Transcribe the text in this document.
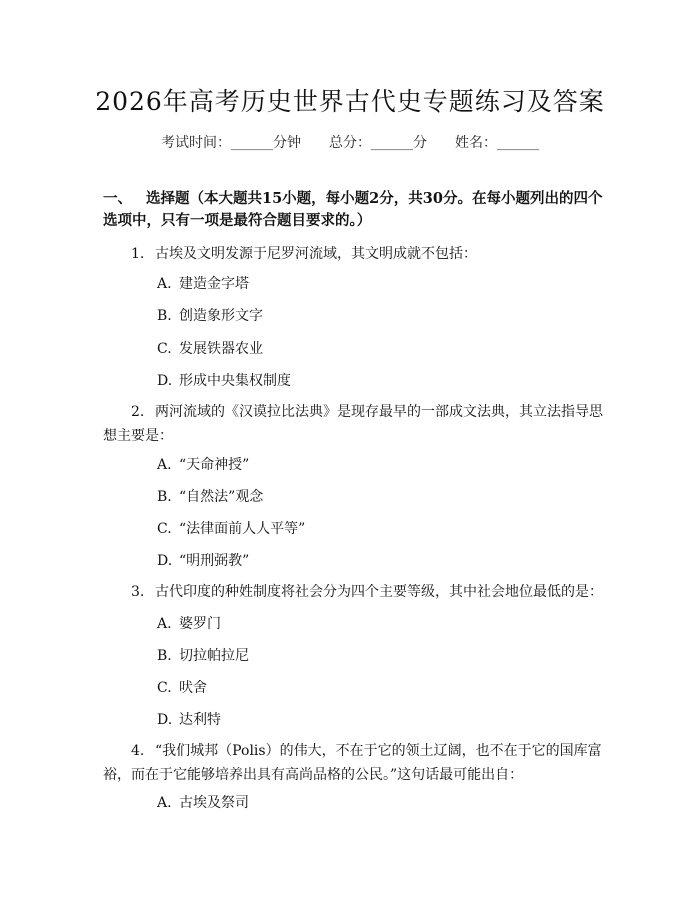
2026年高考历史世界古代史专题练习及答案
考试时间：______分钟 总分：______分 姓名：______
一、 选择题（本大题共15小题，每小题2分，共30分。在每小题列出的四个选项中，只有一项是最符合题目要求的。）
1. 古埃及文明发源于尼罗河流域，其文明成就不包括：
A. 建造金字塔
B. 创造象形文字
C. 发展铁器农业
D. 形成中央集权制度
2. 两河流域的《汉谟拉比法典》是现存最早的一部成文法典，其立法指导思想主要是：
A. “天命神授”
B. “自然法”观念
C. “法律面前人人平等”
D. “明刑弼教”
3. 古代印度的种姓制度将社会分为四个主要等级，其中社会地位最低的是：
A. 婆罗门
B. 切拉帕拉尼
C. 吠舍
D. 达利特
4. “我们城邦（Polis）的伟大，不在于它的领土辽阔，也不在于它的国库富裕，而在于它能够培养出具有高尚品格的公民。”这句话最可能出自：
A. 古埃及祭司
